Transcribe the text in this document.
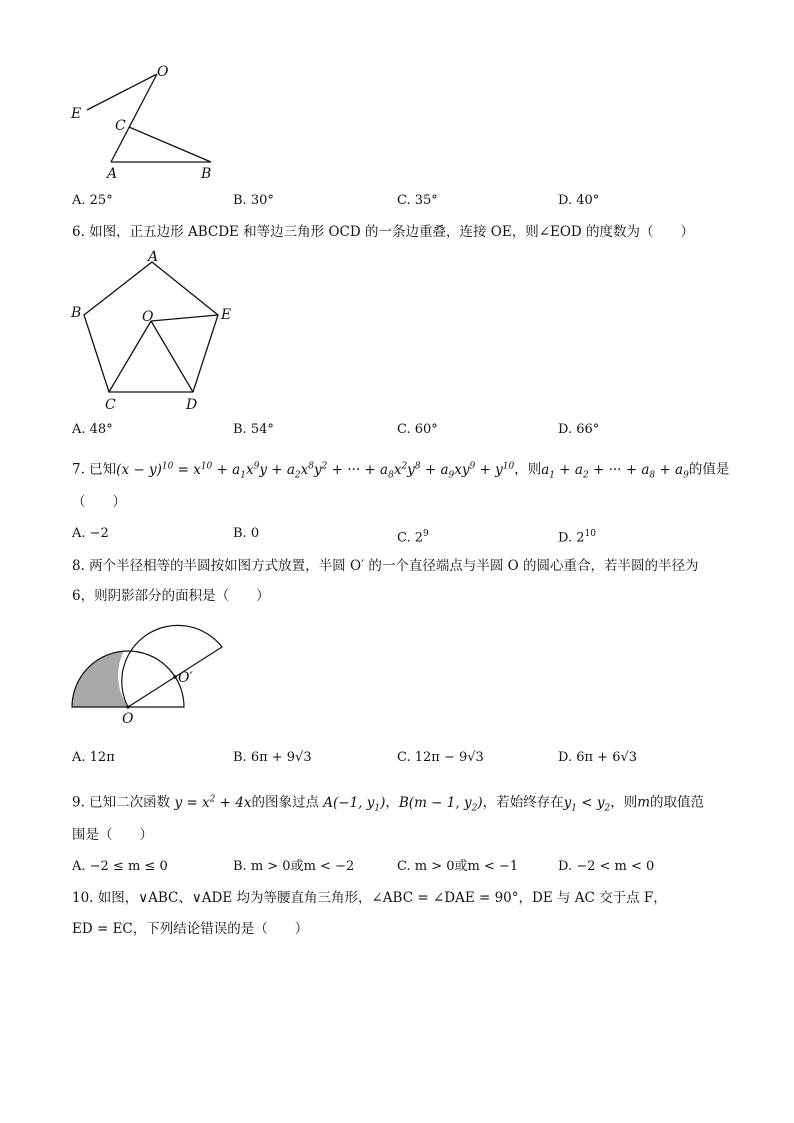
O
E
C
A	B
A. 25°	B. 30°	C. 35°	D. 40°
6. 如图，正五边形 ABCDE 和等边三角形 OCD 的一条边重叠，连接 OE，则∠EOD 的度数为（　　）
A
B	O	E
C	D
A. 48°	B. 54°	C. 60°	D. 66°
7. 已知$(x - y)^{10} = x^{10} + a_1x^9y + a_2x^8y^2$ + ··· + $a_8x^2y^8 + a_9xy^9 + y^{10}$，则$a_1 + a_2$ + ··· + $a_8 + a_9$的值是
（　　）
A. −2	B. 0	C. $2^9$	D. $2^{10}$
8. 两个半径相等的半圆按如图方式放置，半圆 O′ 的一个直径端点与半圆 O 的圆心重合，若半圆的半径为
6，则阴影部分的面积是（　　）
O
O′
A. 12π	B. 6π + 9√3	C. 12π − 9√3	D. 6π + 6√3
9. 已知二次函数 $y = x^2 + 4x$的图象过点 A(−1, $y_1$)，B(m − 1, $y_2$)，若始终存在$y_1 < y_2$，则m的取值范
围是（　　）
A. −2 ≤ m ≤ 0	B. m > 0或m < −2	C. m > 0或m < −1	D. −2 < m < 0
10. 如图，∨ABC、∨ADE 均为等腰直角三角形，∠ABC = ∠DAE = 90°，DE 与 AC 交于点 F，
ED = EC，下列结论错误的是（　　）
